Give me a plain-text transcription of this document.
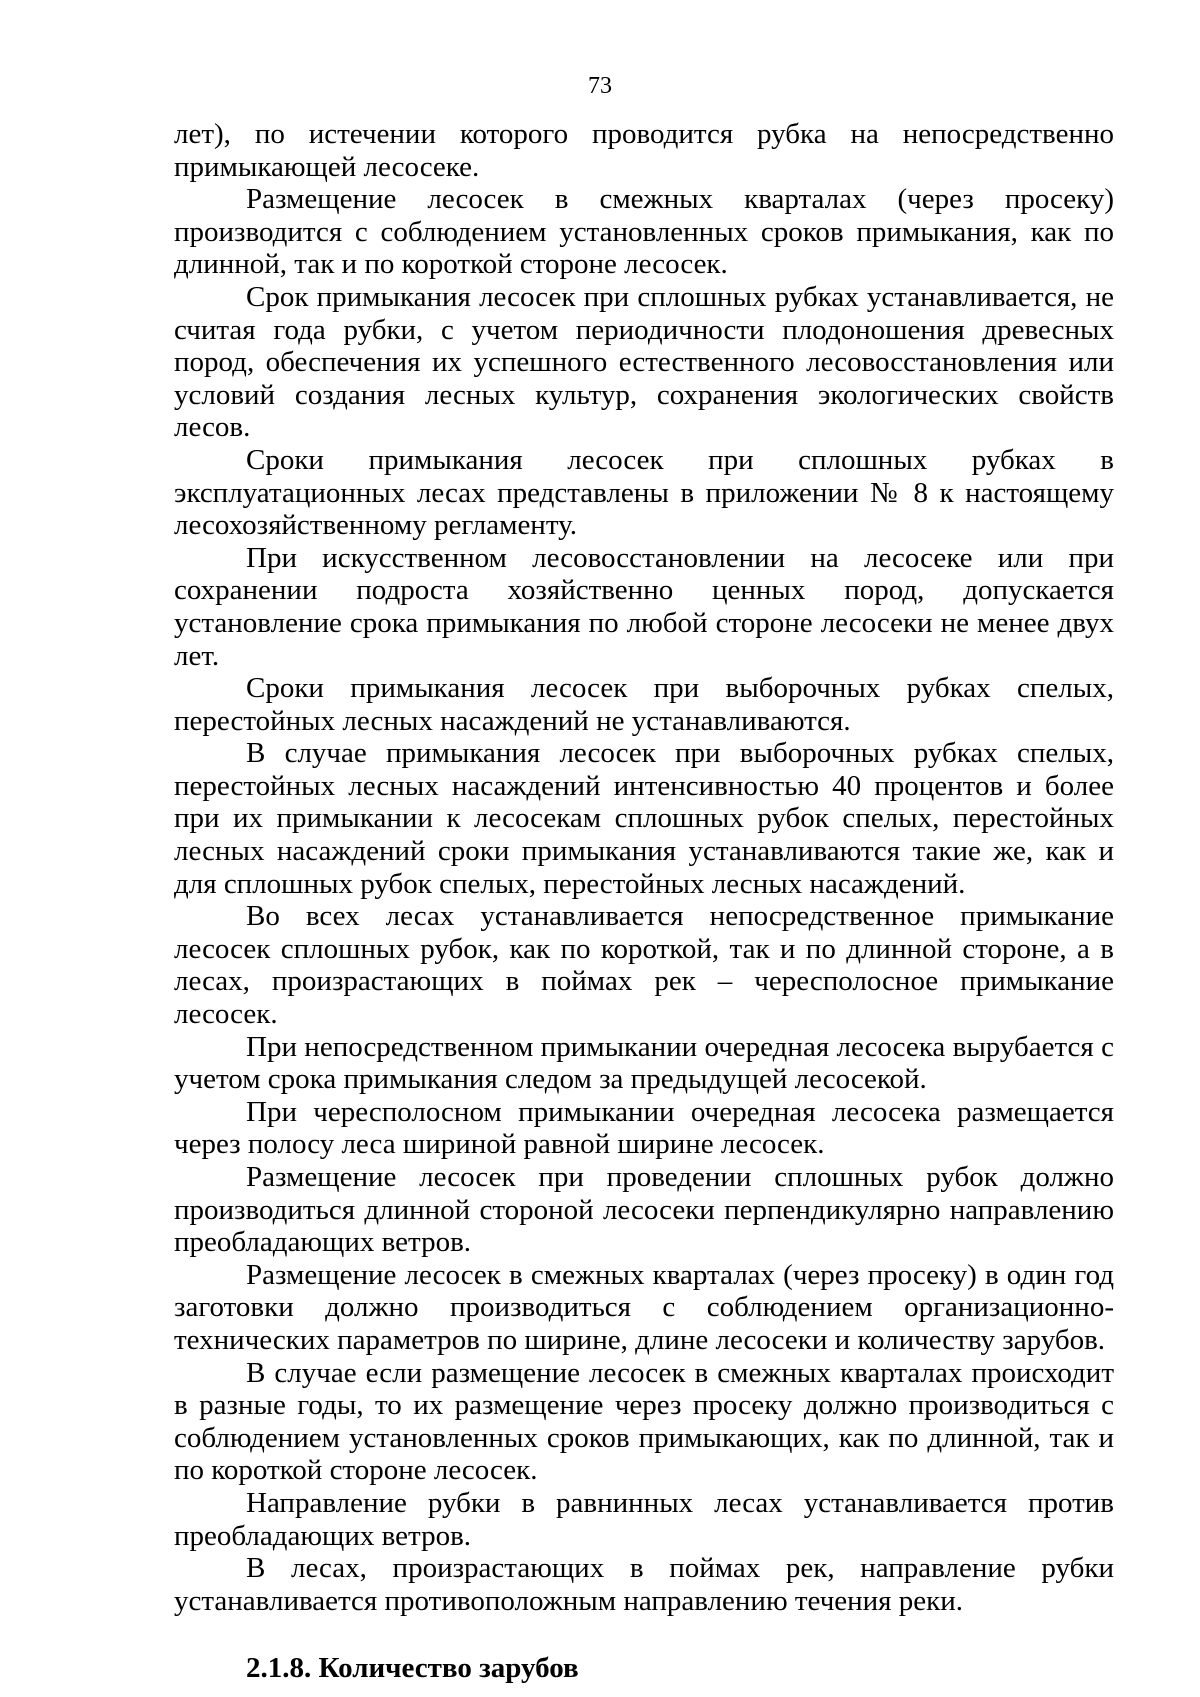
73

лет), по истечении которого проводится рубка на непосредственно примыкающей лесосеке.

Размещение лесосек в смежных кварталах (через просеку) производится с соблюдением установленных сроков примыкания, как по длинной, так и по короткой стороне лесосек.

Срок примыкания лесосек при сплошных рубках устанавливается, не считая года рубки, с учетом периодичности плодоношения древесных пород, обеспечения их успешного естественного лесовосстановления или условий создания лесных культур, сохранения экологических свойств лесов.

Сроки примыкания лесосек при сплошных рубках в эксплуатационных лесах представлены в приложении № 8 к настоящему лесохозяйственному регламенту.

При искусственном лесовосстановлении на лесосеке или при сохранении подроста хозяйственно ценных пород, допускается установление срока примыкания по любой стороне лесосеки не менее двух лет.

Сроки примыкания лесосек при выборочных рубках спелых, перестойных лесных насаждений не устанавливаются.

В случае примыкания лесосек при выборочных рубках спелых, перестойных лесных насаждений интенсивностью 40 процентов и более при их примыкании к лесосекам сплошных рубок спелых, перестойных лесных насаждений сроки примыкания устанавливаются такие же, как и для сплошных рубок спелых, перестойных лесных насаждений.

Во всех лесах устанавливается непосредственное примыкание лесосек сплошных рубок, как по короткой, так и по длинной стороне, а в лесах, произрастающих в поймах рек – чересполосное примыкание лесосек.

При непосредственном примыкании очередная лесосека вырубается с учетом срока примыкания следом за предыдущей лесосекой.

При чересполосном примыкании очередная лесосека размещается через полосу леса шириной равной ширине лесосек.

Размещение лесосек при проведении сплошных рубок должно производиться длинной стороной лесосеки перпендикулярно направлению преобладающих ветров.

Размещение лесосек в смежных кварталах (через просеку) в один год заготовки должно производиться с соблюдением организационно-технических параметров по ширине, длине лесосеки и количеству зарубов.

В случае если размещение лесосек в смежных кварталах происходит в разные годы, то их размещение через просеку должно производиться с соблюдением установленных сроков примыкающих, как по длинной, так и по короткой стороне лесосек.

Направление рубки в равнинных лесах устанавливается против преобладающих ветров.

В лесах, произрастающих в поймах рек, направление рубки устанавливается противоположным направлению течения реки.

2.1.8. Количество зарубов
